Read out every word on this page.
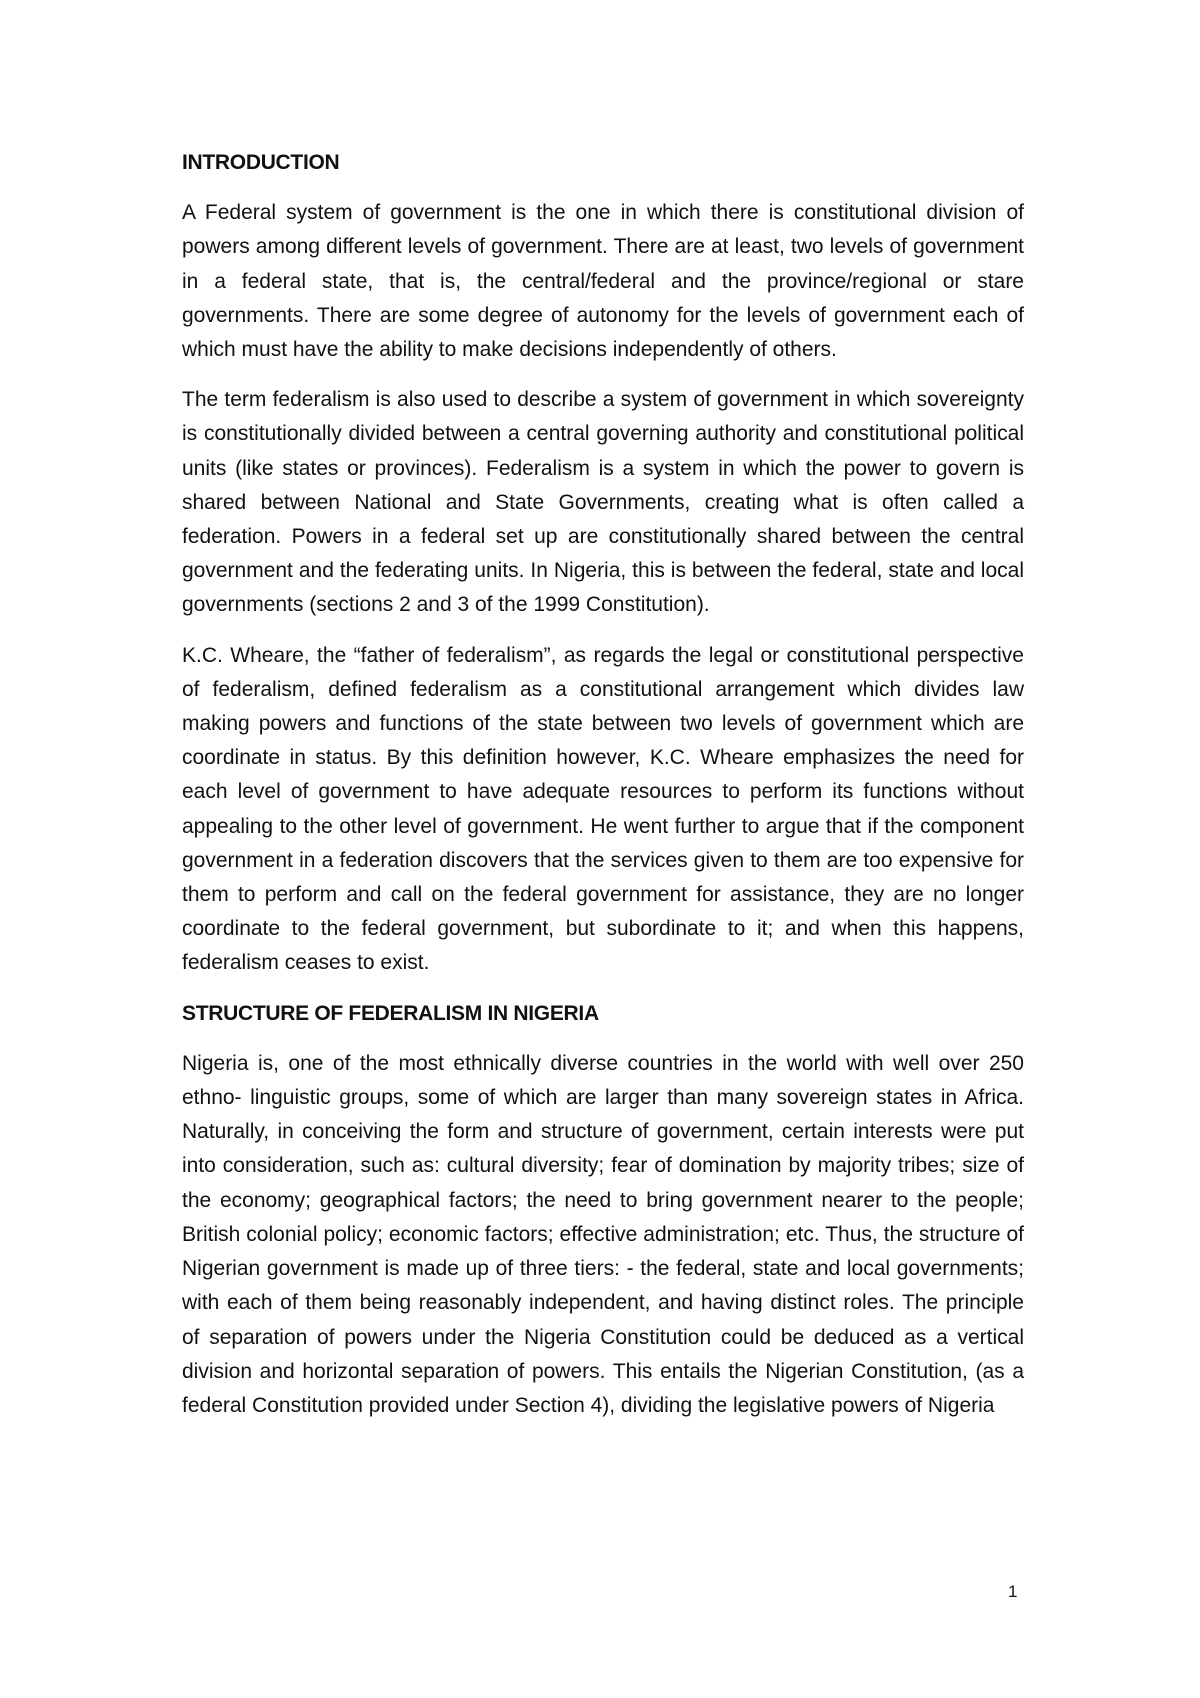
INTRODUCTION

A Federal system of government is the one in which there is constitutional division of powers among different levels of government. There are at least, two levels of government in a federal state, that is, the central/federal and the province/regional or stare governments. There are some degree of autonomy for the levels of government each of which must have the ability to make decisions independently of others.

The term federalism is also used to describe a system of government in which sovereignty is constitutionally divided between a central governing authority and constitutional political units (like states or provinces). Federalism is a system in which the power to govern is shared between National and State Governments, creating what is often called a federation. Powers in a federal set up are constitutionally shared between the central government and the federating units. In Nigeria, this is between the federal, state and local governments (sections 2 and 3 of the 1999 Constitution).

K.C. Wheare, the “father of federalism”, as regards the legal or constitutional perspective of federalism, defined federalism as a constitutional arrangement which divides law making powers and functions of the state between two levels of government which are coordinate in status. By this definition however, K.C. Wheare emphasizes the need for each level of government to have adequate resources to perform its functions without appealing to the other level of government. He went further to argue that if the component government in a federation discovers that the services given to them are too expensive for them to perform and call on the federal government for assistance, they are no longer coordinate to the federal government, but subordinate to it; and when this happens, federalism ceases to exist.

STRUCTURE OF FEDERALISM IN NIGERIA

Nigeria is, one of the most ethnically diverse countries in the world with well over 250 ethno- linguistic groups, some of which are larger than many sovereign states in Africa. Naturally, in conceiving the form and structure of government, certain interests were put into consideration, such as: cultural diversity; fear of domination by majority tribes; size of the economy; geographical factors; the need to bring government nearer to the people; British colonial policy; economic factors; effective administration; etc. Thus, the structure of Nigerian government is made up of three tiers: - the federal, state and local governments; with each of them being reasonably independent, and having distinct roles. The principle of separation of powers under the Nigeria Constitution could be deduced as a vertical division and horizontal separation of powers. This entails the Nigerian Constitution, (as a federal Constitution provided under Section 4), dividing the legislative powers of Nigeria

1
